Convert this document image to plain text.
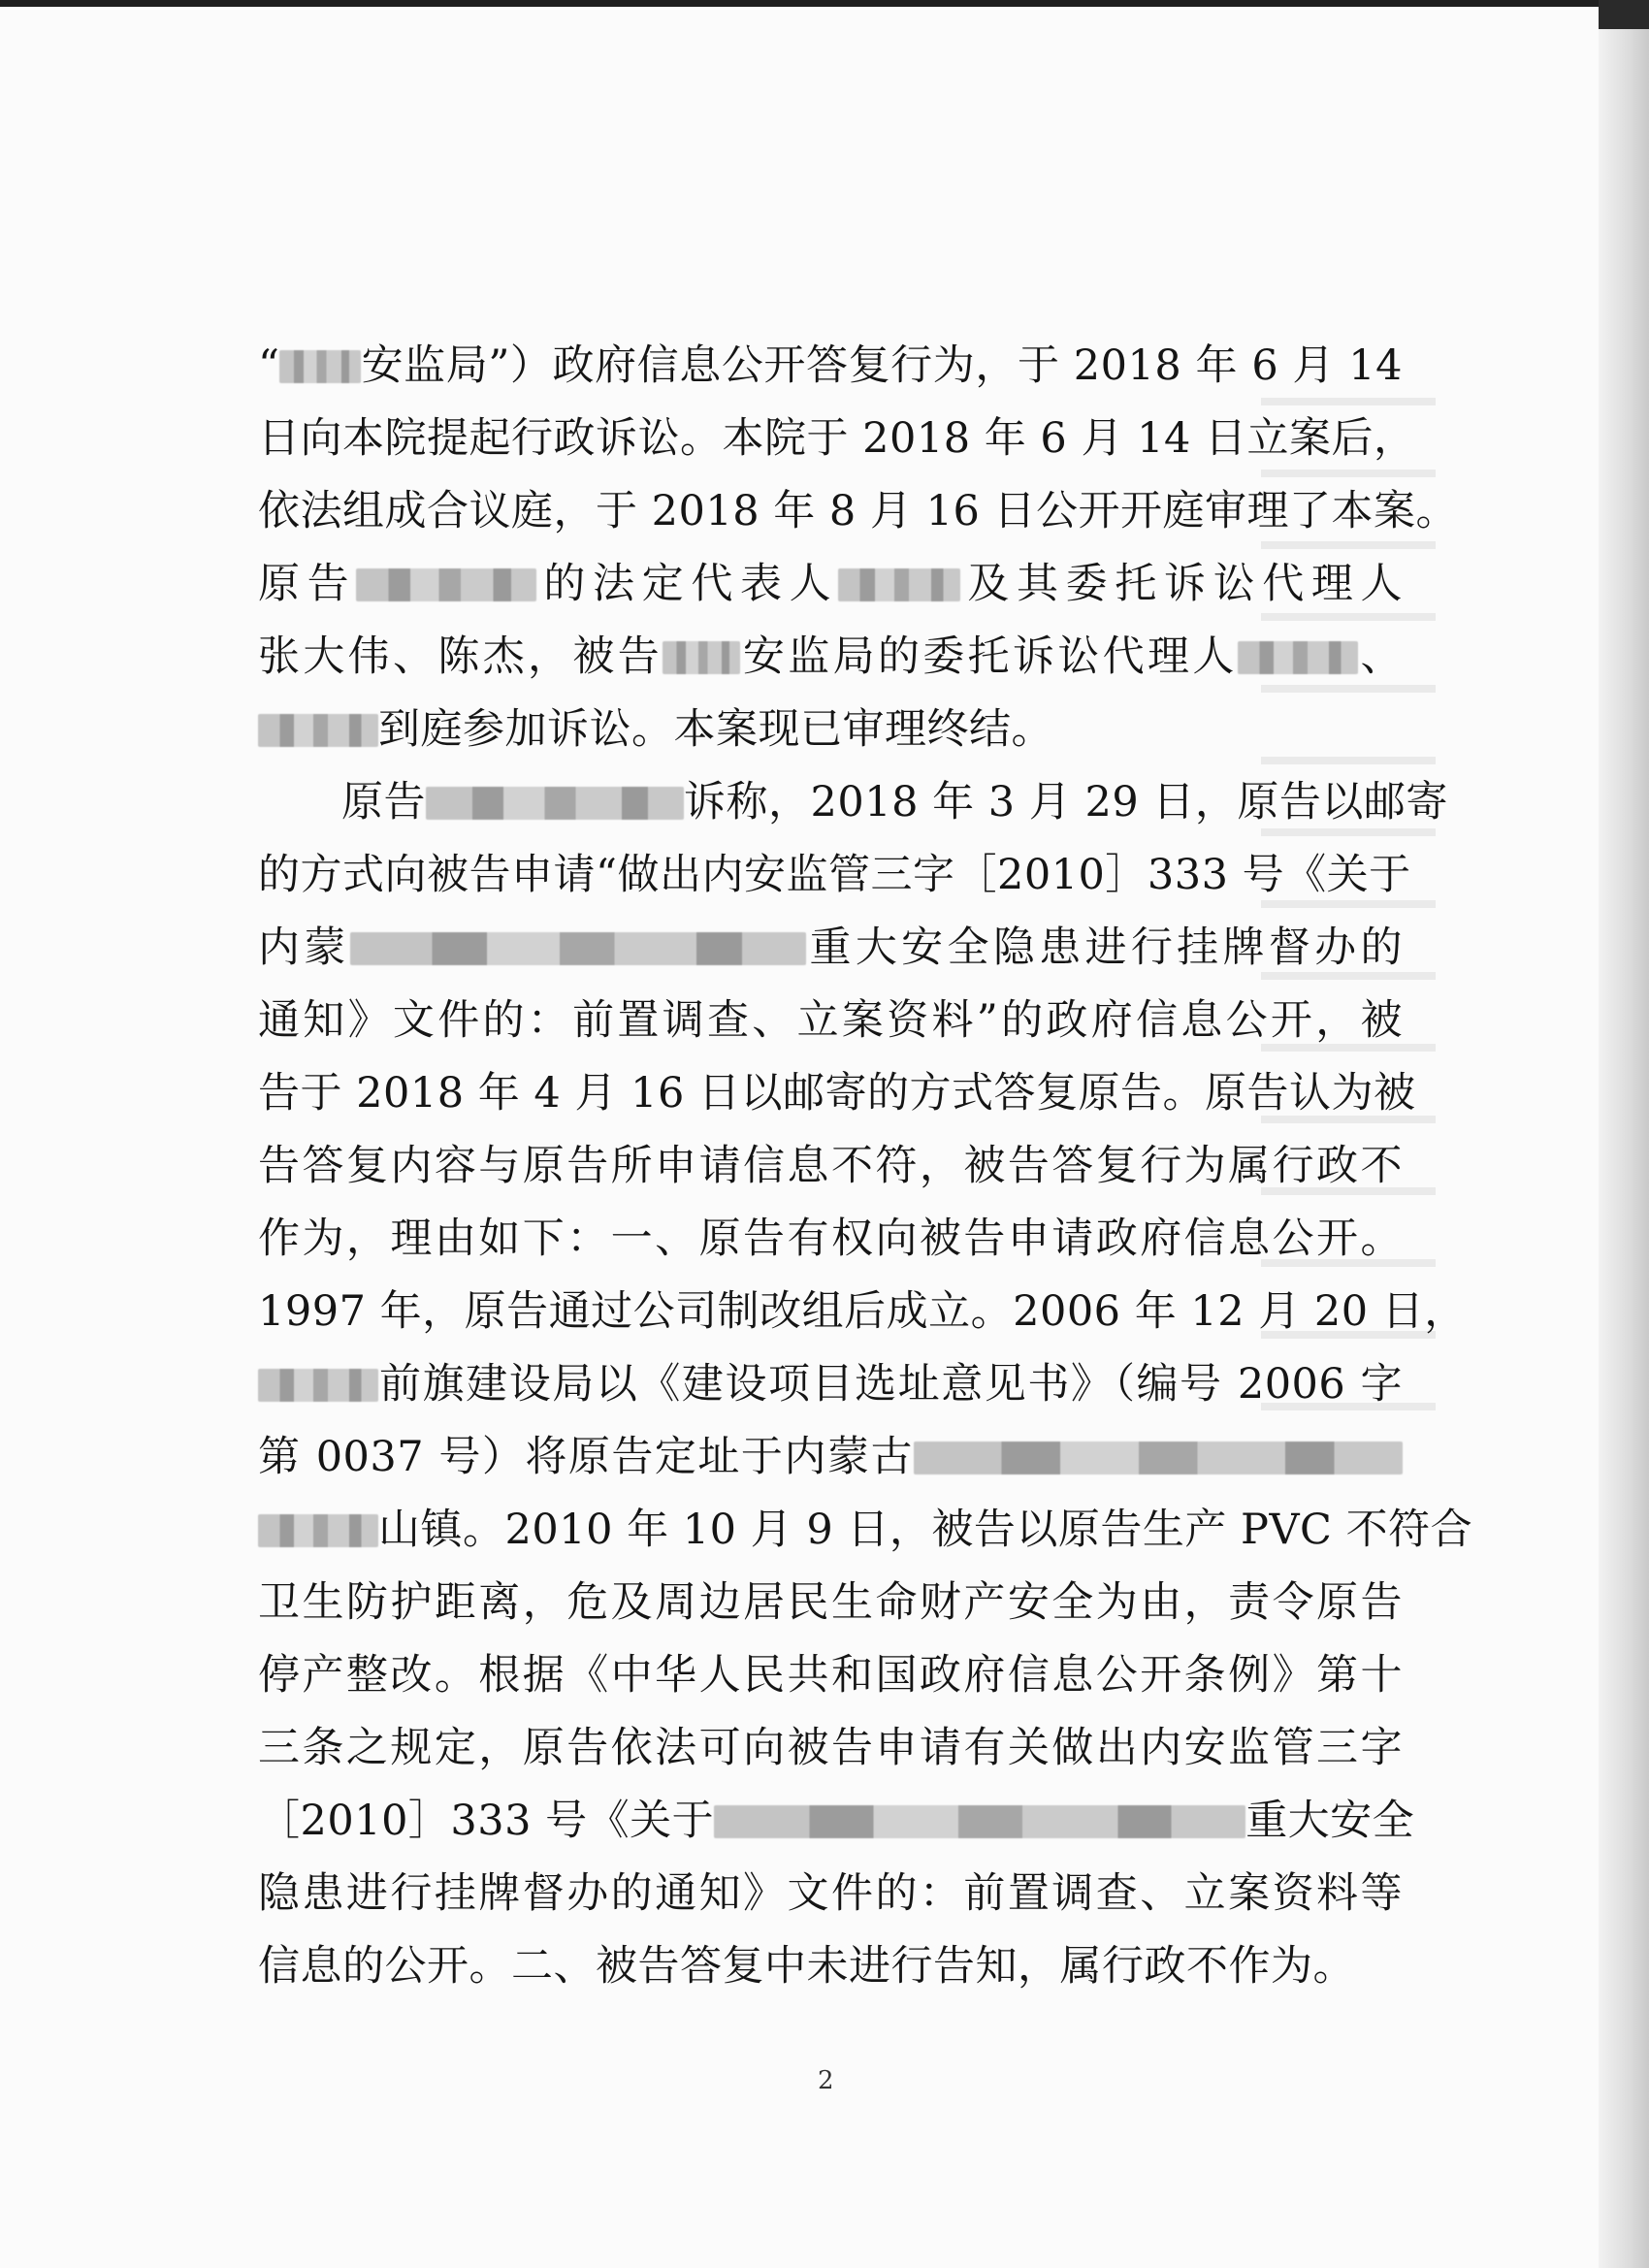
“ 安监局”）政府信息公开答复行为，于 2018 年 6 月 14
日向本院提起行政诉讼。本院于 2018 年 6 月 14 日立案后，
依法组成合议庭，于 2018 年 8 月 16 日公开开庭审理了本案。
原告	的法定代表人	及其委托诉讼代理人
张大伟、陈杰，被告 安监局的委托诉讼代理人	、
到庭参加诉讼。本案现已审理终结。
原告	诉称，2018 年 3 月 29 日，原告以邮寄
的方式向被告申请“做出内安监管三字［2010］333 号《关于
内蒙	重大安全隐患进行挂牌督办的
通知》文件的：前置调查、立案资料”的政府信息公开，被
告于 2018 年 4 月 16 日以邮寄的方式答复原告。原告认为被
告答复内容与原告所申请信息不符，被告答复行为属行政不
作为，理由如下：一、原告有权向被告申请政府信息公开。
1997 年，原告通过公司制改组后成立。2006 年 12 月 20 日，
前旗建设局以《建设项目选址意见书》（编号 2006 字
第 0037 号）将原告定址于内蒙古
山镇。2010 年 10 月 9 日，被告以原告生产 PVC 不符合
卫生防护距离，危及周边居民生命财产安全为由，责令原告
停产整改。根据《中华人民共和国政府信息公开条例》第十
三条之规定，原告依法可向被告申请有关做出内安监管三字
［2010］333 号《关于	重大安全
隐患进行挂牌督办的通知》文件的：前置调查、立案资料等
信息的公开。二、被告答复中未进行告知，属行政不作为。
2
